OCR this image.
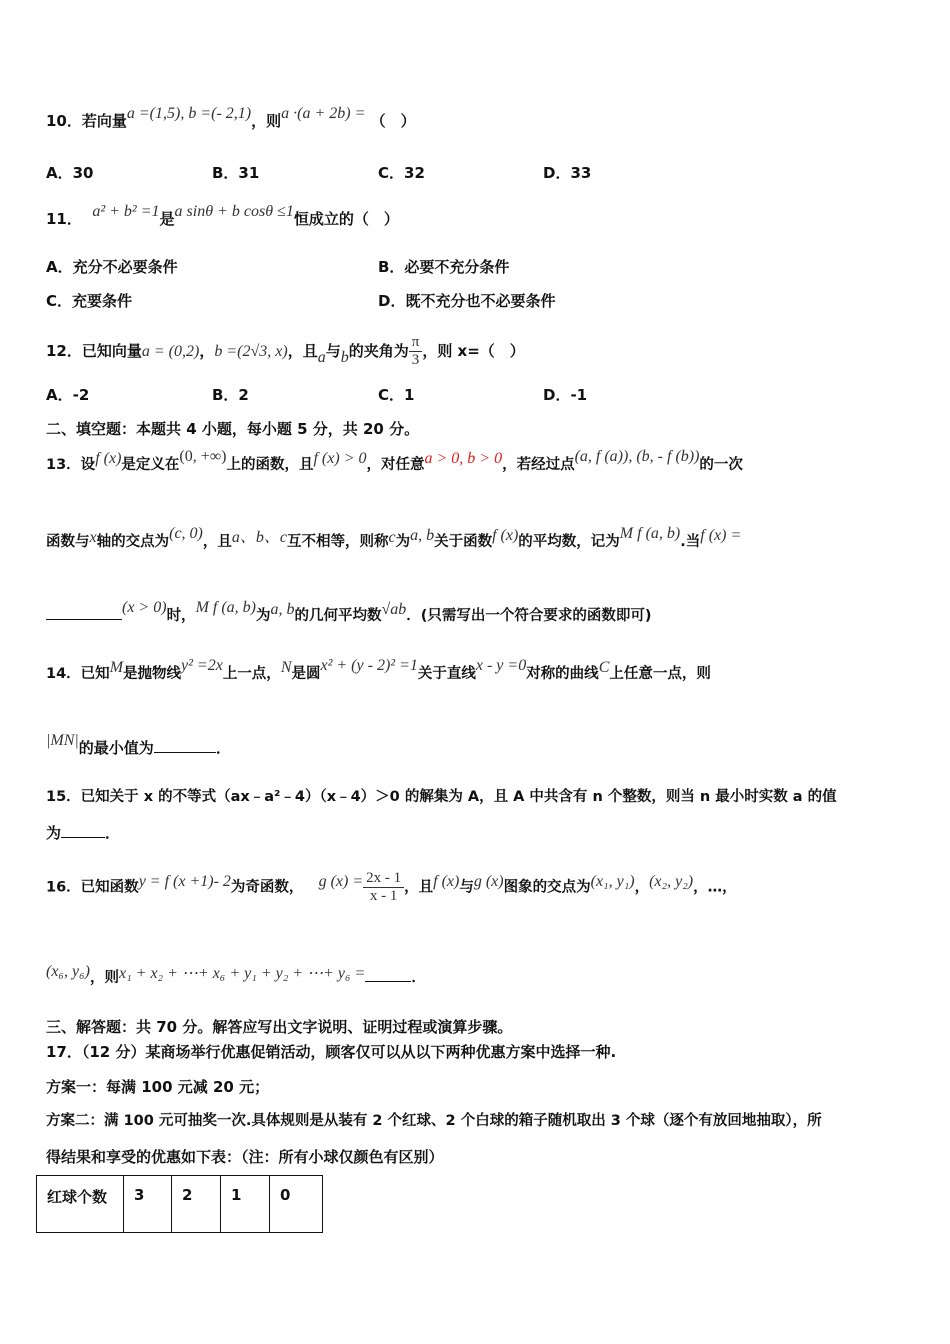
10．若向量a =(1,5), b =(- 2,1)，则a ·(a + 2b) = （　）
A．30	B．31	C．32	D．33
11． a² + b² =1是a sinθ + b cosθ ≤1恒成立的（　）
A．充分不必要条件	B．必要不充分条件
C．充要条件	D．既不充分也不必要条件
12．已知向量a = (0,2)，b =(2√3, x)，且a与b的夹角为 $\frac{\pi}{3}$ ，则 x=（　）
A．-2	B．2	C．1	D．-1
二、填空题：本题共 4 小题，每小题 5 分，共 20 分。
13．设f (x)是定义在(0, +∞)上的函数，且f (x) > 0，对任意a > 0, b > 0，若经过点(a, f (a)), (b, - f (b))的一次
函数与x轴的交点为(c, 0)，且a、b、c互不相等，则称c为a, b关于函数f (x)的平均数，记为M f (a, b).当f (x) =
(x > 0)时，M f (a, b)为a, b的几何平均数√ab．(只需写出一个符合要求的函数即可)
14．已知M是抛物线y² =2x上一点，N是圆x² + (y - 2)² =1关于直线x - y =0对称的曲线C上任意一点，则
|MN|的最小值为	．
15．已知关于 x 的不等式（ax﹣a²﹣4）（x﹣4）＞0 的解集为 A，且 A 中共含有 n 个整数，则当 n 最小时实数 a 的值
为	．
16．已知函数y = f (x +1)- 2为奇函数， g $(x) = \frac{2x - 1}{x - 1}$ ，且f (x)与g (x)图象的交点为(x₁, y₁)，(x₂, y₂)，…，
(x₆, y₆)，则x₁ + x₂ + ⋯+ x₆ + y₁ + y₂ + ⋯+ y₆ =	．
三、解答题：共 70 分。解答应写出文字说明、证明过程或演算步骤。
17．（12 分）某商场举行优惠促销活动，顾客仅可以从以下两种优惠方案中选择一种.
方案一：每满 100 元减 20 元；
方案二：满 100 元可抽奖一次.具体规则是从装有 2 个红球、2 个白球的箱子随机取出 3 个球（逐个有放回地抽取），所
得结果和享受的优惠如下表：（注：所有小球仅颜色有区别）
红球个数	3	2	1	0
